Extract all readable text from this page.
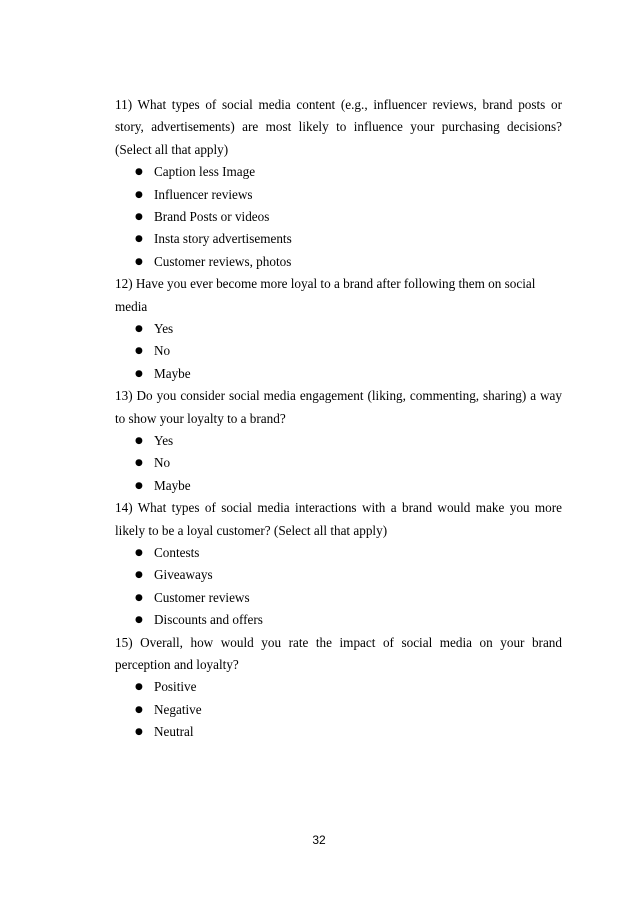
11) What types of social media content (e.g., influencer reviews, brand posts or story, advertisements) are most likely to influence your purchasing decisions? (Select all that apply)

● Caption less Image
● Influencer reviews
● Brand Posts or videos
● Insta story advertisements
● Customer reviews, photos

12) Have you ever become more loyal to a brand after following them on social media

● Yes
● No
● Maybe

13) Do you consider social media engagement (liking, commenting, sharing) a way to show your loyalty to a brand?

● Yes
● No
● Maybe

14) What types of social media interactions with a brand would make you more likely to be a loyal customer? (Select all that apply)

● Contests
● Giveaways
● Customer reviews
● Discounts and offers

15) Overall, how would you rate the impact of social media on your brand perception and loyalty?

● Positive
● Negative
● Neutral
32
